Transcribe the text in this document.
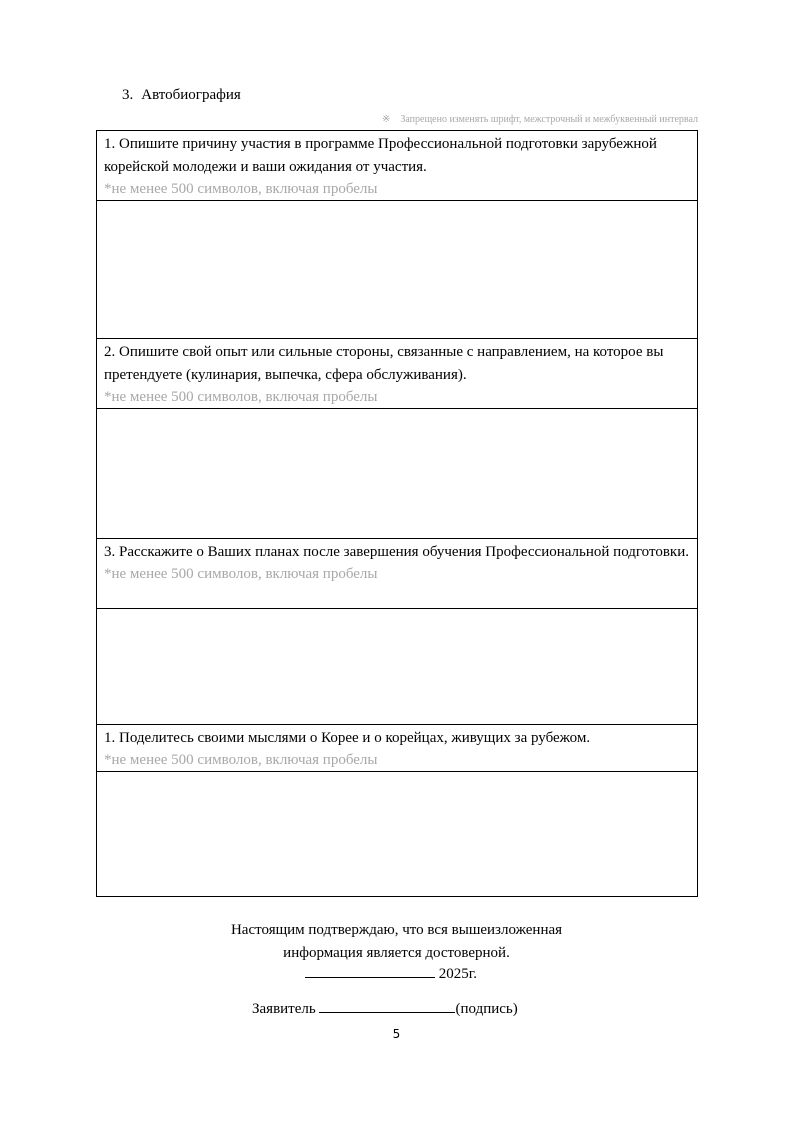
3. Автобиография
※ Запрещено изменять шрифт, межстрочный и межбуквенный интервал
1. Опишите причину участия в программе Профессиональной подготовки зарубежной корейской молодежи и ваши ожидания от участия.
*не менее 500 символов, включая пробелы
2. Опишите свой опыт или сильные стороны, связанные с направлением, на которое вы претендуете (кулинария, выпечка, сфера обслуживания).
*не менее 500 символов, включая пробелы
3. Расскажите о Ваших планах после завершения обучения Профессиональной подготовки.
*не менее 500 символов, включая пробелы
1. Поделитесь своими мыслями о Корее и о корейцах, живущих за рубежом.
*не менее 500 символов, включая пробелы
Настоящим подтверждаю, что вся вышеизложенная
информация является достоверной.
2025г.
Заявитель	(подпись)
5
